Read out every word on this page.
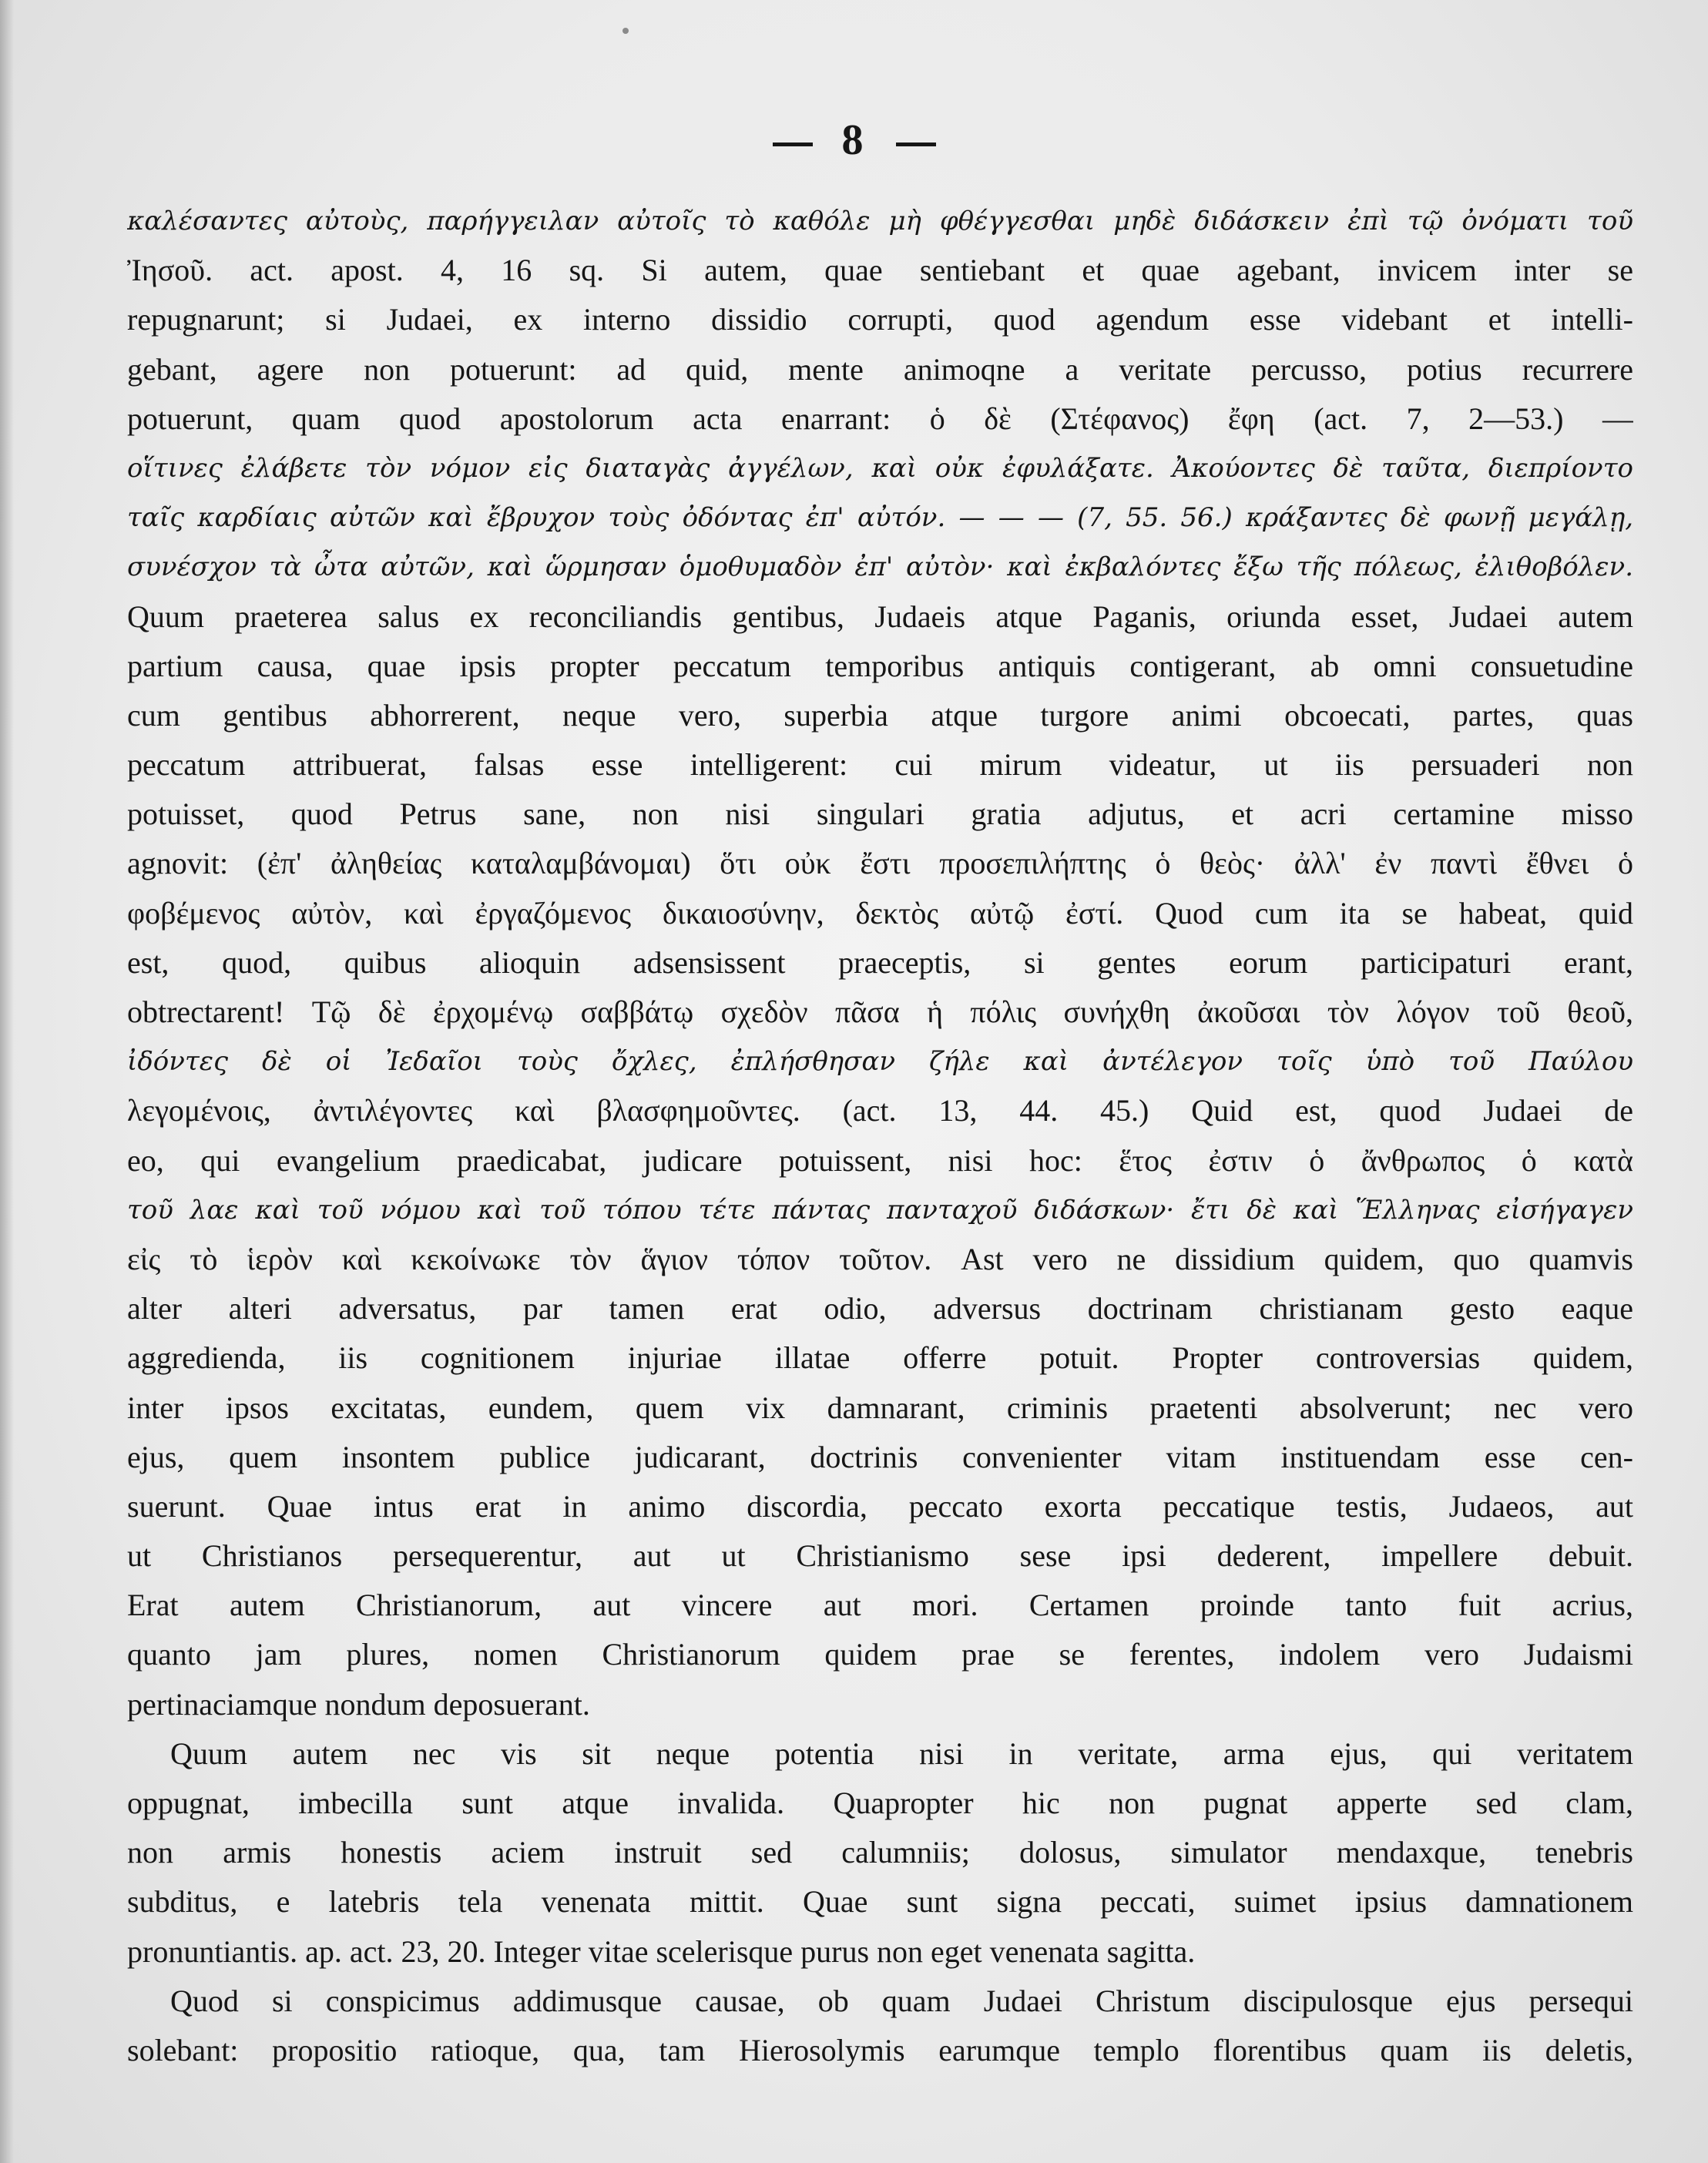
8
καλέσαντες αὐτοὺς, παρήγγειλαν αὐτοῖς τὸ καθόλε μὴ φθέγγεσθαι μηδὲ διδάσκειν ἐπὶ τῷ ὀνόματι τοῦ
Ἰησοῦ. act. apost. 4, 16 sq. Si autem, quae sentiebant et quae agebant, invicem inter se
repugnarunt; si Judaei, ex interno dissidio corrupti, quod agendum esse videbant et intelli-
gebant, agere non potuerunt: ad quid, mente animoqne a veritate percusso, potius recurrere
potuerunt, quam quod apostolorum acta enarrant: ὁ δὲ (Στέφανος) ἔφη (act. 7, 2—53.) —
οἵτινες ἐλάβετε τὸν νόμον εἰς διαταγὰς ἀγγέλων, καὶ οὐκ ἐφυλάξατε. Ἀκούοντες δὲ ταῦτα, διεπρίοντο
ταῖς καρδίαις αὐτῶν καὶ ἔβρυχον τοὺς ὀδόντας ἐπ' αὐτόν. — — — (7, 55. 56.) κράξαντες δὲ φωνῇ μεγάλῃ,
συνέσχον τὰ ὦτα αὐτῶν, καὶ ὥρμησαν ὁμοθυμαδὸν ἐπ' αὐτὸν· καὶ ἐκβαλόντες ἔξω τῆς πόλεως, ἐλιθοβόλεν.
Quum praeterea salus ex reconciliandis gentibus, Judaeis atque Paganis, oriunda esset, Judaei autem
partium causa, quae ipsis propter peccatum temporibus antiquis contigerant, ab omni consuetudine
cum gentibus abhorrerent, neque vero, superbia atque turgore animi obcoecati, partes, quas
peccatum attribuerat, falsas esse intelligerent: cui mirum videatur, ut iis persuaderi non
potuisset, quod Petrus sane, non nisi singulari gratia adjutus, et acri certamine misso
agnovit: (ἐπ' ἀληθείας καταλαμβάνομαι) ὅτι οὐκ ἔστι προσεπιλήπτης ὁ θεὸς· ἀλλ' ἐν παντὶ ἔθνει ὁ
φοβέμενος αὐτὸν, καὶ ἐργαζόμενος δικαιοσύνην, δεκτὸς αὐτῷ ἐστί. Quod cum ita se habeat, quid
est, quod, quibus alioquin adsensissent praeceptis, si gentes eorum participaturi erant,
obtrectarent! Τῷ δὲ ἐρχομένῳ σαββάτῳ σχεδὸν πᾶσα ἡ πόλις συνήχθη ἀκοῦσαι τὸν λόγον τοῦ θεοῦ,
ἰδόντες δὲ οἱ Ἰεδαῖοι τοὺς ὄχλες, ἐπλήσθησαν ζήλε καὶ ἀντέλεγον τοῖς ὑπὸ τοῦ Παύλου
λεγομένοις, ἀντιλέγοντες καὶ βλασφημοῦντες. (act. 13, 44. 45.) Quid est, quod Judaei de
eo, qui evangelium praedicabat, judicare potuissent, nisi hoc: ἕτος ἐστιν ὁ ἄνθρωπος ὁ κατὰ
τοῦ λαε καὶ τοῦ νόμου καὶ τοῦ τόπου τέτε πάντας πανταχοῦ διδάσκων· ἔτι δὲ καὶ Ἕλληνας εἰσήγαγεν
εἰς τὸ ἱερὸν καὶ κεκοίνωκε τὸν ἅγιον τόπον τοῦτον. Ast vero ne dissidium quidem, quo quamvis
alter alteri adversatus, par tamen erat odio, adversus doctrinam christianam gesto eaque
aggredienda, iis cognitionem injuriae illatae offerre potuit. Propter controversias quidem,
inter ipsos excitatas, eundem, quem vix damnarant, criminis praetenti absolverunt; nec vero
ejus, quem insontem publice judicarant, doctrinis convenienter vitam instituendam esse cen-
suerunt. Quae intus erat in animo discordia, peccato exorta peccatique testis, Judaeos, aut
ut Christianos persequerentur, aut ut Christianismo sese ipsi dederent, impellere debuit.
Erat autem Christianorum, aut vincere aut mori. Certamen proinde tanto fuit acrius,
quanto jam plures, nomen Christianorum quidem prae se ferentes, indolem vero Judaismi
pertinaciamque nondum deposuerant.
Quum autem nec vis sit neque potentia nisi in veritate, arma ejus, qui veritatem
oppugnat, imbecilla sunt atque invalida. Quapropter hic non pugnat apperte sed clam,
non armis honestis aciem instruit sed calumniis; dolosus, simulator mendaxque, tenebris
subditus, e latebris tela venenata mittit. Quae sunt signa peccati, suimet ipsius damnationem
pronuntiantis. ap. act. 23, 20. Integer vitae scelerisque purus non eget venenata sagitta.
Quod si conspicimus addimusque causae, ob quam Judaei Christum discipulosque ejus persequi
solebant: propositio ratioque, qua, tam Hierosolymis earumque templo florentibus quam iis deletis,
